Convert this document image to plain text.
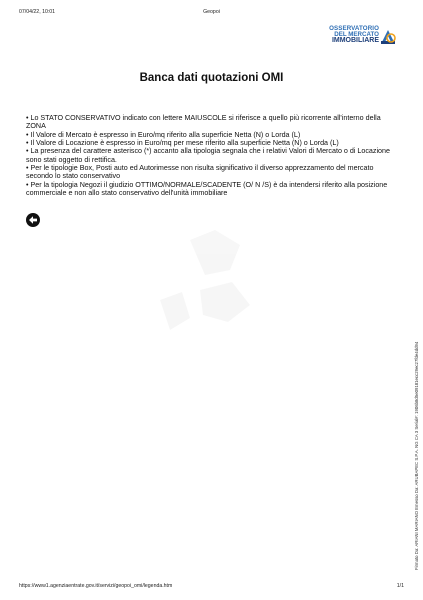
07/04/22, 10:01	Geopoi
OSSERVATORIO
DEL MERCATO
IMMOBILIARE
Banca dati quotazioni OMI

• Lo STATO CONSERVATIVO indicato con lettere MAIUSCOLE si riferisce a quello più ricorrente all'interno della ZONA

• Il Valore di Mercato è espresso in Euro/mq riferito alla superficie Netta (N) o Lorda (L)

• Il Valore di Locazione è espresso in Euro/mq per mese riferito alla superficie Netta (N) o Lorda (L)

• La presenza del carattere asterisco (*) accanto alla tipologia segnala che i relativi Valori di Mercato o di Locazione sono stati oggetto di rettifica.

• Per le tipologie Box, Posti auto ed Autorimesse non risulta significativo il diverso apprezzamento del mercato secondo lo stato conservativo

• Per la tipologia Negozi il giudizio OTTIMO/NORMALE/SCADENTE (O/ N /S) è da intendersi riferito alla posizione commerciale e non allo stato conservativo dell'unità immobiliare

Firmato Da: ARIANI MARIANO Emesso Da: ARUBAPEC S.P.A. NG CA 3 Serial#: 1906b8d5e09181ecc29ec27fde4dd94
https://www1.agenziaentrate.gov.it/servizi/geopoi_omi/legenda.htm	1/1
